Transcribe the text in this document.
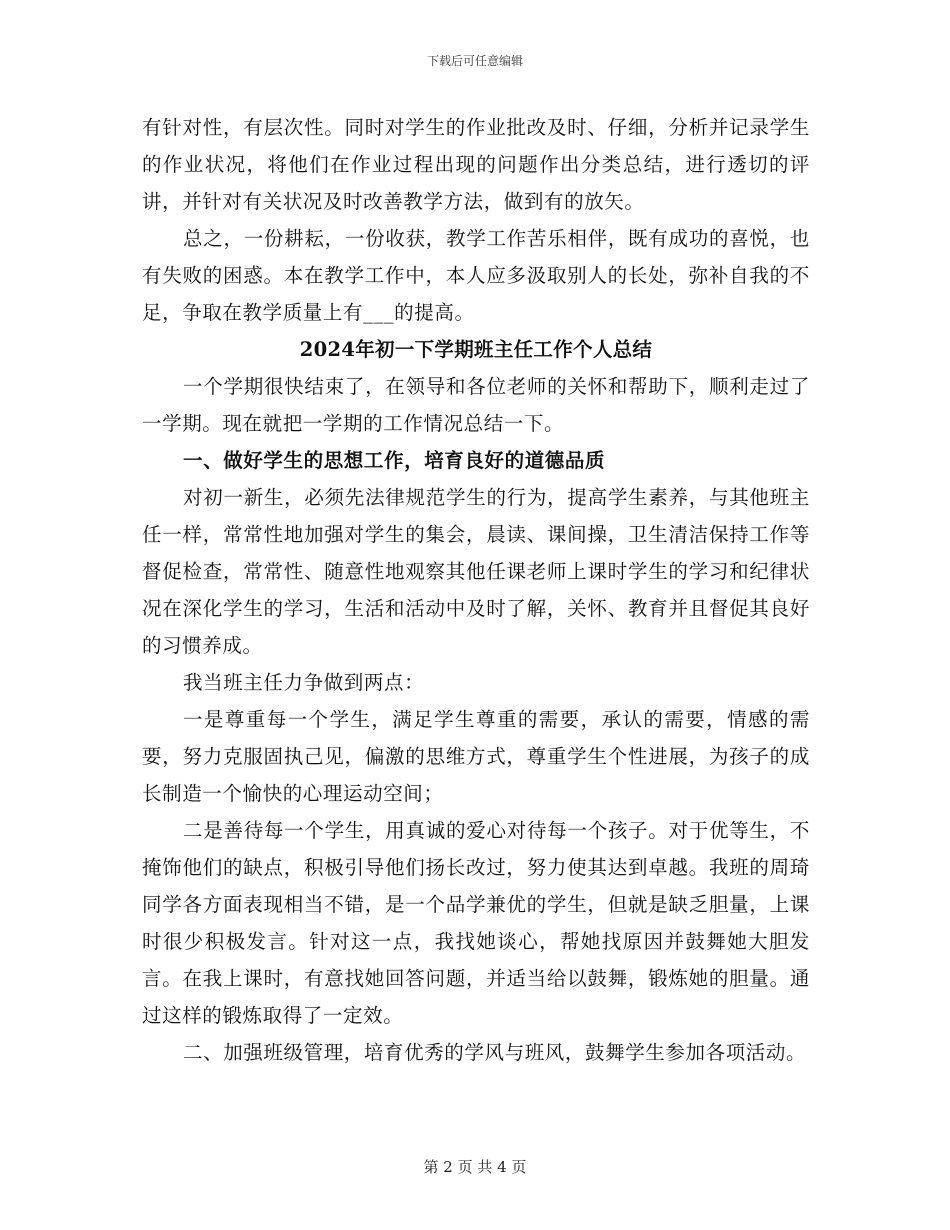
下载后可任意编辑

有针对性，有层次性。同时对学生的作业批改及时、仔细，分析并记录学生的作业状况，将他们在作业过程出现的问题作出分类总结，进行透切的评讲，并针对有关状况及时改善教学方法，做到有的放矢。

总之，一份耕耘，一份收获，教学工作苦乐相伴，既有成功的喜悦，也有失败的困惑。本在教学工作中，本人应多汲取别人的长处，弥补自我的不足，争取在教学质量上有___的提高。

2024年初一下学期班主任工作个人总结

一个学期很快结束了，在领导和各位老师的关怀和帮助下，顺利走过了一学期。现在就把一学期的工作情况总结一下。

一、做好学生的思想工作，培育良好的道德品质

对初一新生，必须先法律规范学生的行为，提高学生素养，与其他班主任一样，常常性地加强对学生的集会，晨读、课间操，卫生清洁保持工作等督促检查，常常性、随意性地观察其他任课老师上课时学生的学习和纪律状况在深化学生的学习，生活和活动中及时了解，关怀、教育并且督促其良好的习惯养成。

我当班主任力争做到两点：

一是尊重每一个学生，满足学生尊重的需要，承认的需要，情感的需要，努力克服固执己见，偏激的思维方式，尊重学生个性进展，为孩子的成长制造一个愉快的心理运动空间；

二是善待每一个学生，用真诚的爱心对待每一个孩子。对于优等生，不掩饰他们的缺点，积极引导他们扬长改过，努力使其达到卓越。我班的周琦同学各方面表现相当不错，是一个品学兼优的学生，但就是缺乏胆量，上课时很少积极发言。针对这一点，我找她谈心，帮她找原因并鼓舞她大胆发言。在我上课时，有意找她回答问题，并适当给以鼓舞，锻炼她的胆量。通过这样的锻炼取得了一定效。

二、加强班级管理，培育优秀的学风与班风，鼓舞学生参加各项活动。

第 2 页 共 4 页
